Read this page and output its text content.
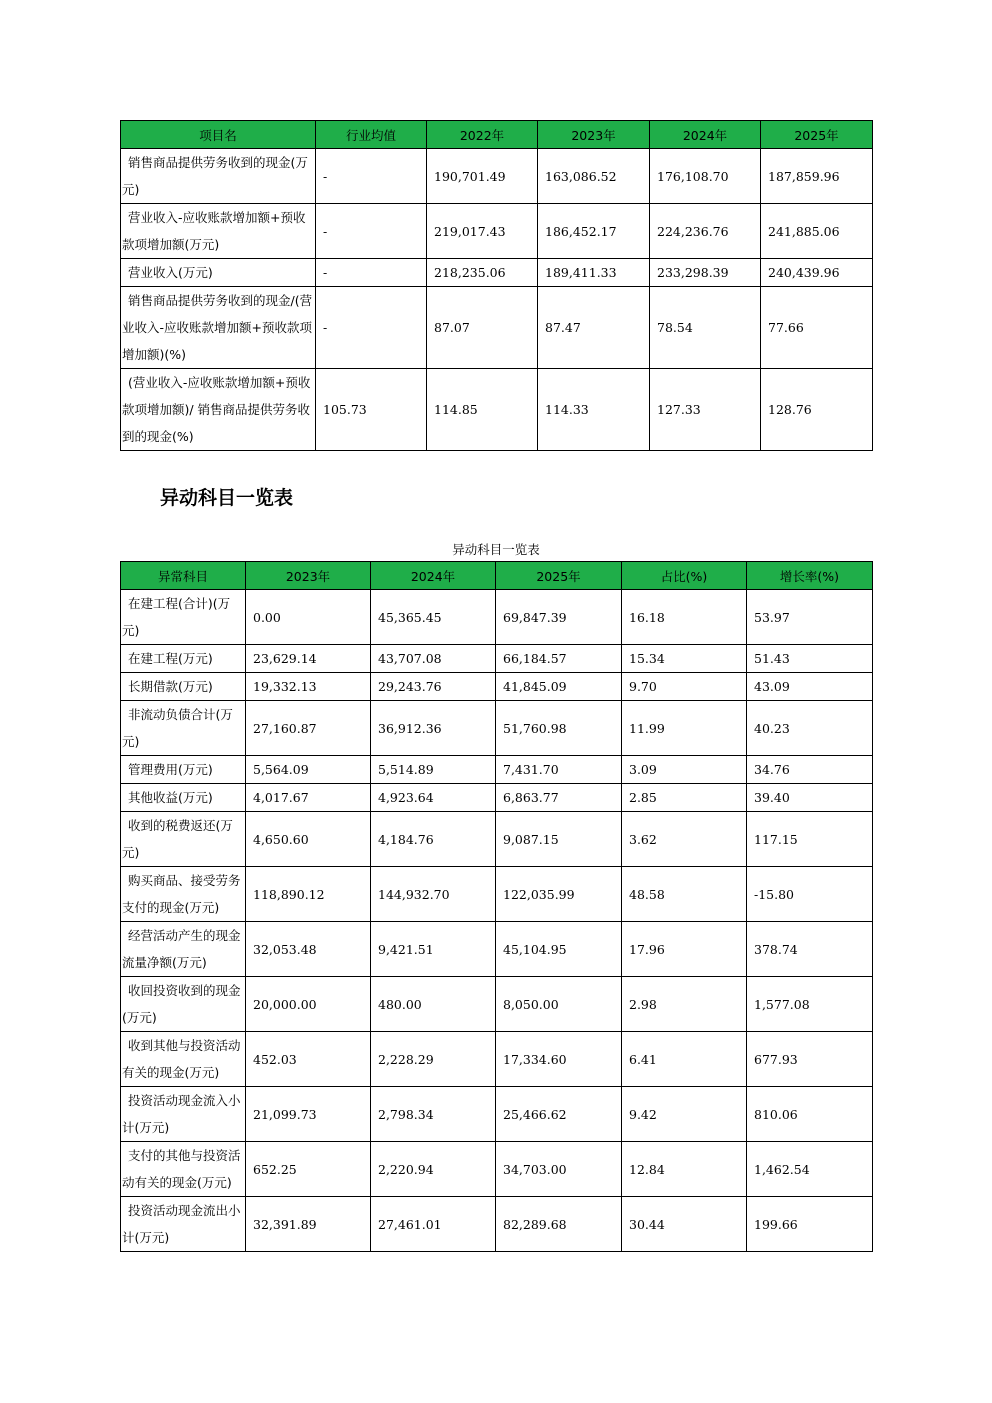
项目名	行业均值	2022年	2023年	2024年	2025年
销售商品提供劳务收到的现金(万元)	-	190,701.49	163,086.52	176,108.70	187,859.96
营业收入-应收账款增加额+预收款项增加额(万元)	-	219,017.43	186,452.17	224,236.76	241,885.06
营业收入(万元)	-	218,235.06	189,411.33	233,298.39	240,439.96
销售商品提供劳务收到的现金/(营业收入-应收账款增加额+预收款项增加额)(%)	-	87.07	87.47	78.54	77.66
(营业收入-应收账款增加额+预收款项增加额)/ 销售商品提供劳务收到的现金(%)	105.73	114.85	114.33	127.33	128.76
异动科目一览表
异动科目一览表
异常科目	2023年	2024年	2025年	占比(%)	增长率(%)
在建工程(合计)(万元)	0.00	45,365.45	69,847.39	16.18	53.97
在建工程(万元)	23,629.14	43,707.08	66,184.57	15.34	51.43
长期借款(万元)	19,332.13	29,243.76	41,845.09	9.70	43.09
非流动负债合计(万元)	27,160.87	36,912.36	51,760.98	11.99	40.23
管理费用(万元)	5,564.09	5,514.89	7,431.70	3.09	34.76
其他收益(万元)	4,017.67	4,923.64	6,863.77	2.85	39.40
收到的税费返还(万元)	4,650.60	4,184.76	9,087.15	3.62	117.15
购买商品、接受劳务支付的现金(万元)	118,890.12	144,932.70	122,035.99	48.58	-15.80
经营活动产生的现金流量净额(万元)	32,053.48	9,421.51	45,104.95	17.96	378.74
收回投资收到的现金(万元)	20,000.00	480.00	8,050.00	2.98	1,577.08
收到其他与投资活动有关的现金(万元)	452.03	2,228.29	17,334.60	6.41	677.93
投资活动现金流入小计(万元)	21,099.73	2,798.34	25,466.62	9.42	810.06
支付的其他与投资活动有关的现金(万元)	652.25	2,220.94	34,703.00	12.84	1,462.54
投资活动现金流出小计(万元)	32,391.89	27,461.01	82,289.68	30.44	199.66
